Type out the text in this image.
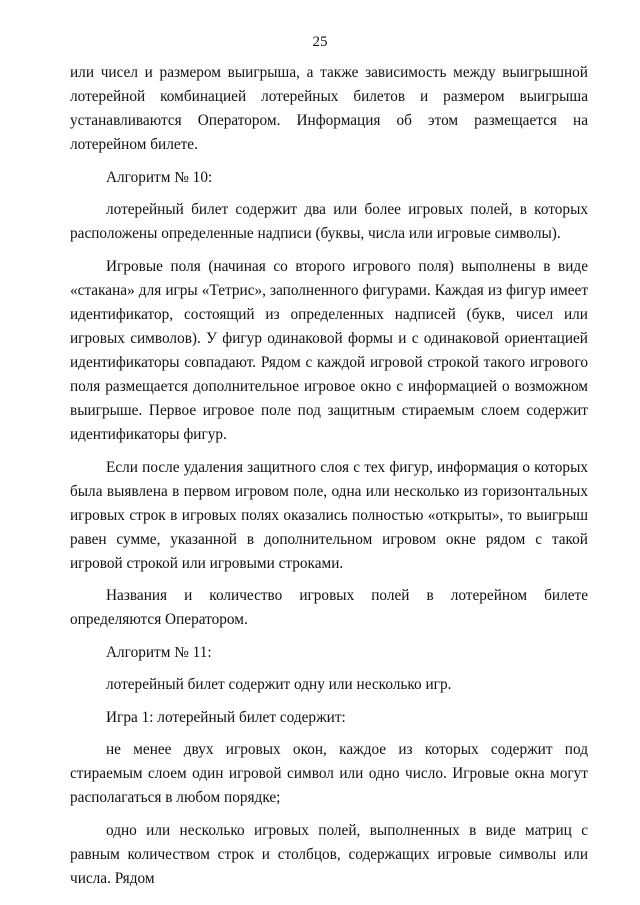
25

или чисел и размером выигрыша, а также зависимость между выигрышной лотерейной комбинацией лотерейных билетов и размером выигрыша устанавливаются Оператором. Информация об этом размещается на лотерейном билете.

Алгоритм № 10:

лотерейный билет содержит два или более игровых полей, в которых расположены определенные надписи (буквы, числа или игровые символы).

Игровые поля (начиная со второго игрового поля) выполнены в виде «стакана» для игры «Тетрис», заполненного фигурами. Каждая из фигур имеет идентификатор, состоящий из определенных надписей (букв, чисел или игровых символов). У фигур одинаковой формы и с одинаковой ориентацией идентификаторы совпадают. Рядом с каждой игровой строкой такого игрового поля размещается дополнительное игровое окно с информацией о возможном выигрыше. Первое игровое поле под защитным стираемым слоем содержит идентификаторы фигур.

Если после удаления защитного слоя с тех фигур, информация о которых была выявлена в первом игровом поле, одна или несколько из горизонтальных игровых строк в игровых полях оказались полностью «открыты», то выигрыш равен сумме, указанной в дополнительном игровом окне рядом с такой игровой строкой или игровыми строками.

Названия и количество игровых полей в лотерейном билете определяются Оператором.

Алгоритм № 11:

лотерейный билет содержит одну или несколько игр.

Игра 1: лотерейный билет содержит:

не менее двух игровых окон, каждое из которых содержит под стираемым слоем один игровой символ или одно число. Игровые окна могут располагаться в любом порядке;

одно или несколько игровых полей, выполненных в виде матриц с равным количеством строк и столбцов, содержащих игровые символы или числа. Рядом
